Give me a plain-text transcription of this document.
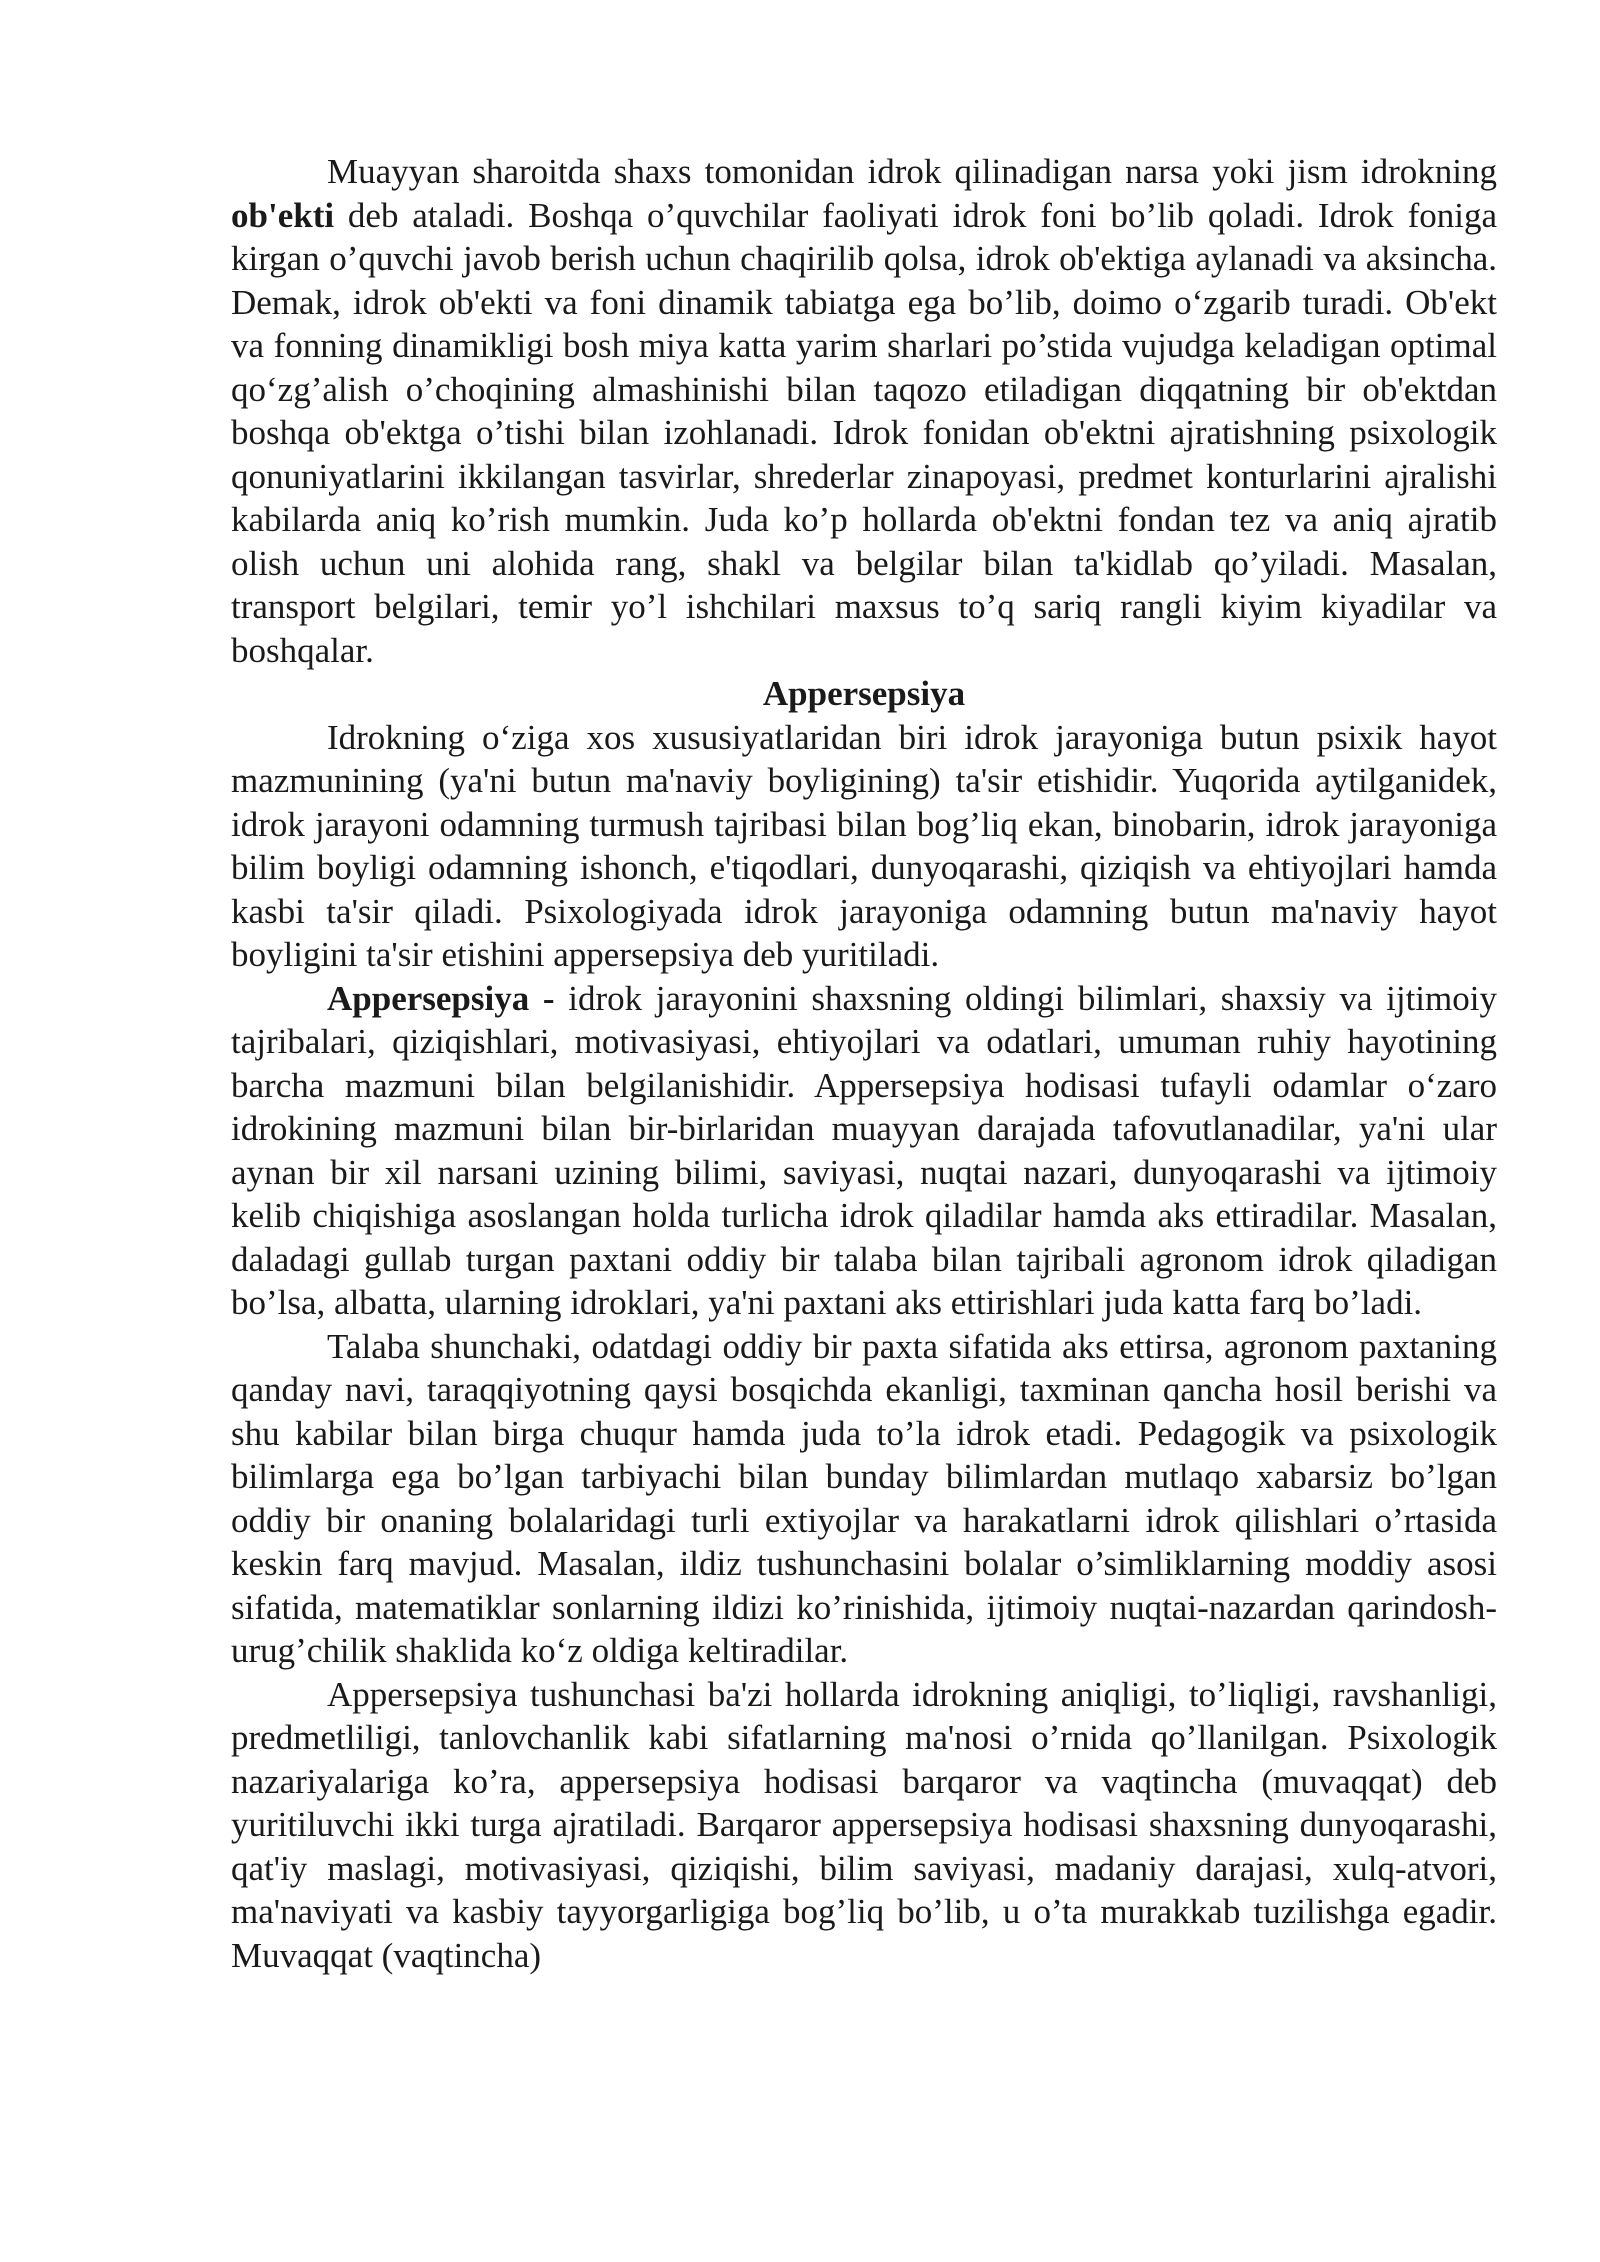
Muayyan sharoitda shaxs tomonidan idrok qilinadigan narsa yoki jism idrokning ob'ekti deb ataladi. Boshqa o’quvchilar faoliyati idrok foni bo’lib qoladi. Idrok foniga kirgan o’quvchi javob berish uchun chaqirilib qolsa, idrok ob'ektiga aylanadi va aksincha. Demak, idrok ob'ekti va foni dinamik tabiatga ega bo’lib, doimo o‘zgarib turadi. Ob'ekt va fonning dinamikligi bosh miya katta yarim sharlari po’stida vujudga keladigan optimal qo‘zg’alish o’choqining almashinishi bilan taqozo etiladigan diqqatning bir ob'ektdan boshqa ob'ektga o’tishi bilan izohlanadi. Idrok fonidan ob'ektni ajratishning psixologik qonuniyatlarini ikkilangan tasvirlar, shrederlar zinapoyasi, predmet konturlarini ajralishi kabilarda aniq ko’rish mumkin. Juda ko’p hollarda ob'ektni fondan tez va aniq ajratib olish uchun uni alohida rang, shakl va belgilar bilan ta'kidlab qo’yiladi. Masalan, transport belgilari, temir yo’l ishchilari maxsus to’q sariq rangli kiyim kiyadilar va boshqalar.

Appersepsiya

Idrokning o‘ziga xos xususiyatlaridan biri idrok jarayoniga butun psixik hayot mazmunining (ya'ni butun ma'naviy boyligining) ta'sir etishidir. Yuqorida aytilganidek, idrok jarayoni odamning turmush tajribasi bilan bog’liq ekan, binobarin, idrok jarayoniga bilim boyligi odamning ishonch, e'tiqodlari, dunyoqarashi, qiziqish va ehtiyojlari hamda kasbi ta'sir qiladi. Psixologiyada idrok jarayoniga odamning butun ma'naviy hayot boyligini ta'sir etishini appersepsiya deb yuritiladi.

Appersepsiya - idrok jarayonini shaxsning oldingi bilimlari, shaxsiy va ijtimoiy tajribalari, qiziqishlari, motivasiyasi, ehtiyojlari va odatlari, umuman ruhiy hayotining barcha mazmuni bilan belgilanishidir. Appersepsiya hodisasi tufayli odamlar o‘zaro idrokining mazmuni bilan bir-birlaridan muayyan darajada tafovutlanadilar, ya'ni ular aynan bir xil narsani uzining bilimi, saviyasi, nuqtai nazari, dunyoqarashi va ijtimoiy kelib chiqishiga asoslangan holda turlicha idrok qiladilar hamda aks ettiradilar. Masalan, daladagi gullab turgan paxtani oddiy bir talaba bilan tajribali agronom idrok qiladigan bo’lsa, albatta, ularning idroklari, ya'ni paxtani aks ettirishlari juda katta farq bo’ladi.

Talaba shunchaki, odatdagi oddiy bir paxta sifatida aks ettirsa, agronom paxtaning qanday navi, taraqqiyotning qaysi bosqichda ekanligi, taxminan qancha hosil berishi va shu kabilar bilan birga chuqur hamda juda to’la idrok etadi. Pedagogik va psixologik bilimlarga ega bo’lgan tarbiyachi bilan bunday bilimlardan mutlaqo xabarsiz bo’lgan oddiy bir onaning bolalaridagi turli extiyojlar va harakatlarni idrok qilishlari o’rtasida keskin farq mavjud. Masalan, ildiz tushunchasini bolalar o’simliklarning moddiy asosi sifatida, matematiklar sonlarning ildizi ko’rinishida, ijtimoiy nuqtai-nazardan qarindosh-urug’chilik shaklida ko‘z oldiga keltiradilar.

Appersepsiya tushunchasi ba'zi hollarda idrokning aniqligi, to’liqligi, ravshanligi, predmetliligi, tanlovchanlik kabi sifatlarning ma'nosi o’rnida qo’llanilgan. Psixologik nazariyalariga ko’ra, appersepsiya hodisasi barqaror va vaqtincha (muvaqqat) deb yuritiluvchi ikki turga ajratiladi. Barqaror appersepsiya hodisasi shaxsning dunyoqarashi, qat'iy maslagi, motivasiyasi, qiziqishi, bilim saviyasi, madaniy darajasi, xulq-atvori, ma'naviyati va kasbiy tayyorgarligiga bog’liq bo’lib, u o’ta murakkab tuzilishga egadir. Muvaqqat (vaqtincha)
